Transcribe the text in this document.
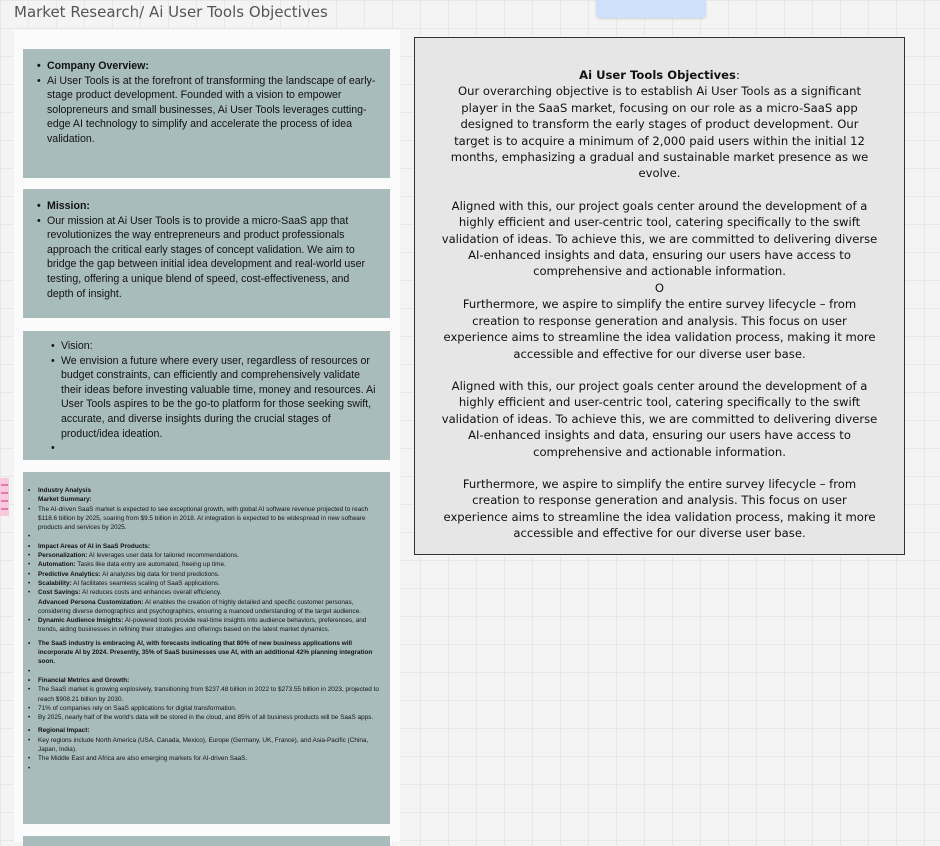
Market Research/ Ai User Tools Objectives
• Company Overview:
• Ai User Tools is at the forefront of transforming the landscape of early-stage product development. Founded with a vision to empower solopreneurs and small businesses, Ai User Tools leverages cutting-edge AI technology to simplify and accelerate the process of idea validation.
• Mission:
• Our mission at Ai User Tools is to provide a micro-SaaS app that revolutionizes the way entrepreneurs and product professionals approach the critical early stages of concept validation. We aim to bridge the gap between initial idea development and real-world user testing, offering a unique blend of speed, cost-effectiveness, and depth of insight.
• Vision:
• We envision a future where every user, regardless of resources or budget constraints, can efficiently and comprehensively validate their ideas before investing valuable time, money and resources. Ai User Tools aspires to be the go-to platform for those seeking swift, accurate, and diverse insights during the crucial stages of product/idea ideation.
•
• Industry Analysis
Market Summary:
• The AI-driven SaaS market is expected to see exceptional growth, with global AI software revenue projected to reach $118.6 billion by 2025, soaring from $9.5 billion in 2018. AI integration is expected to be widespread in new software products and services by 2025.
•
• Impact Areas of AI in SaaS Products:
• Personalization: AI leverages user data for tailored recommendations.
• Automation: Tasks like data entry are automated, freeing up time.
• Predictive Analytics: AI analyzes big data for trend predictions.
• Scalability: AI facilitates seamless scaling of SaaS applications.
• Cost Savings: AI reduces costs and enhances overall efficiency.
Advanced Persona Customization: AI enables the creation of highly detailed and specific customer personas, considering diverse demographics and psychographics, ensuring a nuanced understanding of the target audience.
• Dynamic Audience Insights: AI-powered tools provide real-time insights into audience behaviors, preferences, and trends, aiding businesses in refining their strategies and offerings based on the latest market dynamics.
• The SaaS industry is embracing AI, with forecasts indicating that 80% of new business applications will incorporate AI by 2024. Presently, 35% of SaaS businesses use AI, with an additional 42% planning integration soon.
•
• Financial Metrics and Growth:
• The SaaS market is growing explosively, transitioning from $237.48 billion in 2022 to $273.55 billion in 2023, projected to reach $908.21 billion by 2030.
• 71% of companies rely on SaaS applications for digital transformation.
• By 2025, nearly half of the world's data will be stored in the cloud, and 85% of all business products will be SaaS apps.
• Regional Impact:
• Key regions include North America (USA, Canada, Mexico), Europe (Germany, UK, France), and Asia-Pacific (China, Japan, India).
• The Middle East and Africa are also emerging markets for AI-driven SaaS.
•

Ai User Tools Objectives:
Our overarching objective is to establish Ai User Tools as a significant player in the SaaS market, focusing on our role as a micro-SaaS app designed to transform the early stages of product development. Our target is to acquire a minimum of 2,000 paid users within the initial 12 months, emphasizing a gradual and sustainable market presence as we evolve.

Aligned with this, our project goals center around the development of a highly efficient and user-centric tool, catering specifically to the swift validation of ideas. To achieve this, we are committed to delivering diverse AI-enhanced insights and data, ensuring our users have access to comprehensive and actionable information.

O

Furthermore, we aspire to simplify the entire survey lifecycle – from creation to response generation and analysis. This focus on user experience aims to streamline the idea validation process, making it more accessible and effective for our diverse user base.

Aligned with this, our project goals center around the development of a highly efficient and user-centric tool, catering specifically to the swift validation of ideas. To achieve this, we are committed to delivering diverse AI-enhanced insights and data, ensuring our users have access to comprehensive and actionable information.

Furthermore, we aspire to simplify the entire survey lifecycle – from creation to response generation and analysis. This focus on user experience aims to streamline the idea validation process, making it more accessible and effective for our diverse user base.
